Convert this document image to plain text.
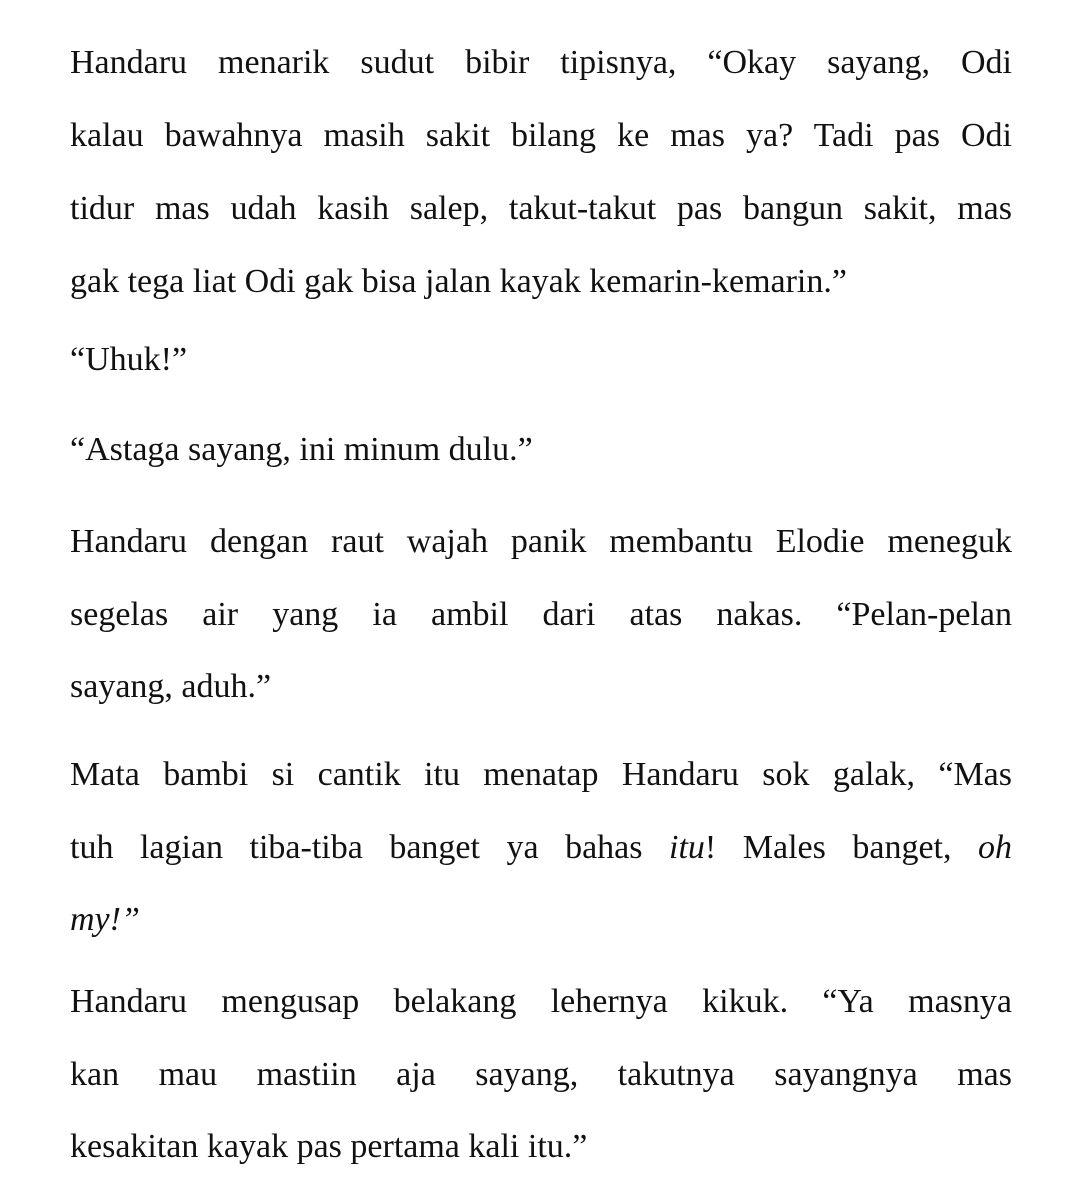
Handaru menarik sudut bibir tipisnya, “Okay sayang, Odi
kalau bawahnya masih sakit bilang ke mas ya? Tadi pas Odi
tidur mas udah kasih salep, takut-takut pas bangun sakit, mas
gak tega liat Odi gak bisa jalan kayak kemarin-kemarin.”
“Uhuk!”
“Astaga sayang, ini minum dulu.”
Handaru dengan raut wajah panik membantu Elodie meneguk
segelas air yang ia ambil dari atas nakas. “Pelan-pelan
sayang, aduh.”
Mata bambi si cantik itu menatap Handaru sok galak, “Mas
tuh lagian tiba-tiba banget ya bahas itu! Males banget, oh
my!”
Handaru mengusap belakang lehernya kikuk. “Ya masnya
kan mau mastiin aja sayang, takutnya sayangnya mas
kesakitan kayak pas pertama kali itu.”
